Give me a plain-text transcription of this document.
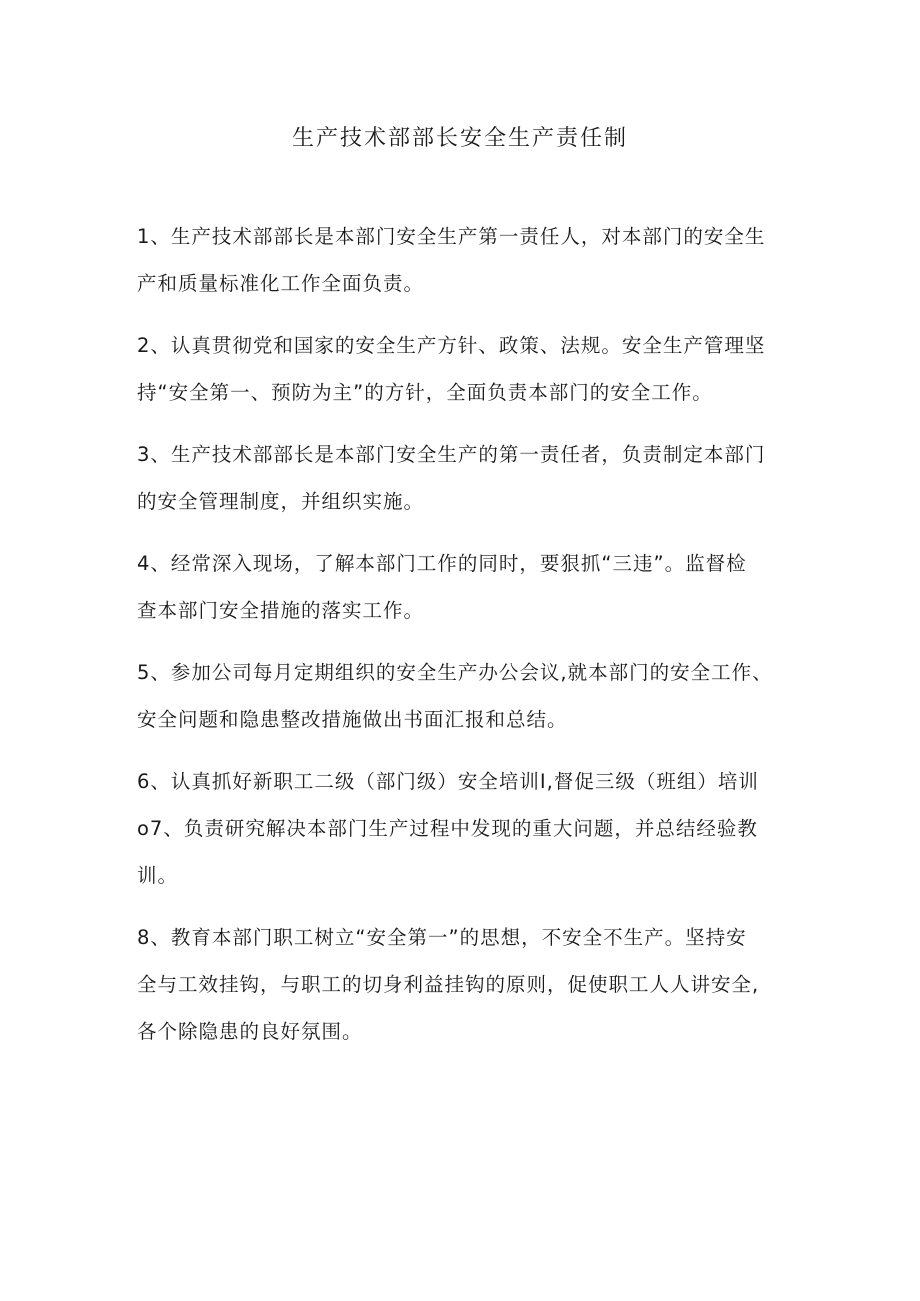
生产技术部部长安全生产责任制

1、生产技术部部长是本部门安全生产第一责任人，对本部门的安全生
产和质量标准化工作全面负责。

2、认真贯彻党和国家的安全生产方针、政策、法规。安全生产管理坚
持“安全第一、预防为主”的方针，全面负责本部门的安全工作。

3、生产技术部部长是本部门安全生产的第一责任者，负责制定本部门
的安全管理制度，并组织实施。

4、经常深入现场，了解本部门工作的同时，要狠抓“三违”。监督检
查本部门安全措施的落实工作。

5、参加公司每月定期组织的安全生产办公会议,就本部门的安全工作、
安全问题和隐患整改措施做出书面汇报和总结。

6、认真抓好新职工二级（部门级）安全培训I,督促三级（班组）培训
o7、负责研究解决本部门生产过程中发现的重大问题，并总结经验教
训。

8、教育本部门职工树立“安全第一”的思想，不安全不生产。坚持安
全与工效挂钩，与职工的切身利益挂钩的原则，促使职工人人讲安全,
各个除隐患的良好氛围。
